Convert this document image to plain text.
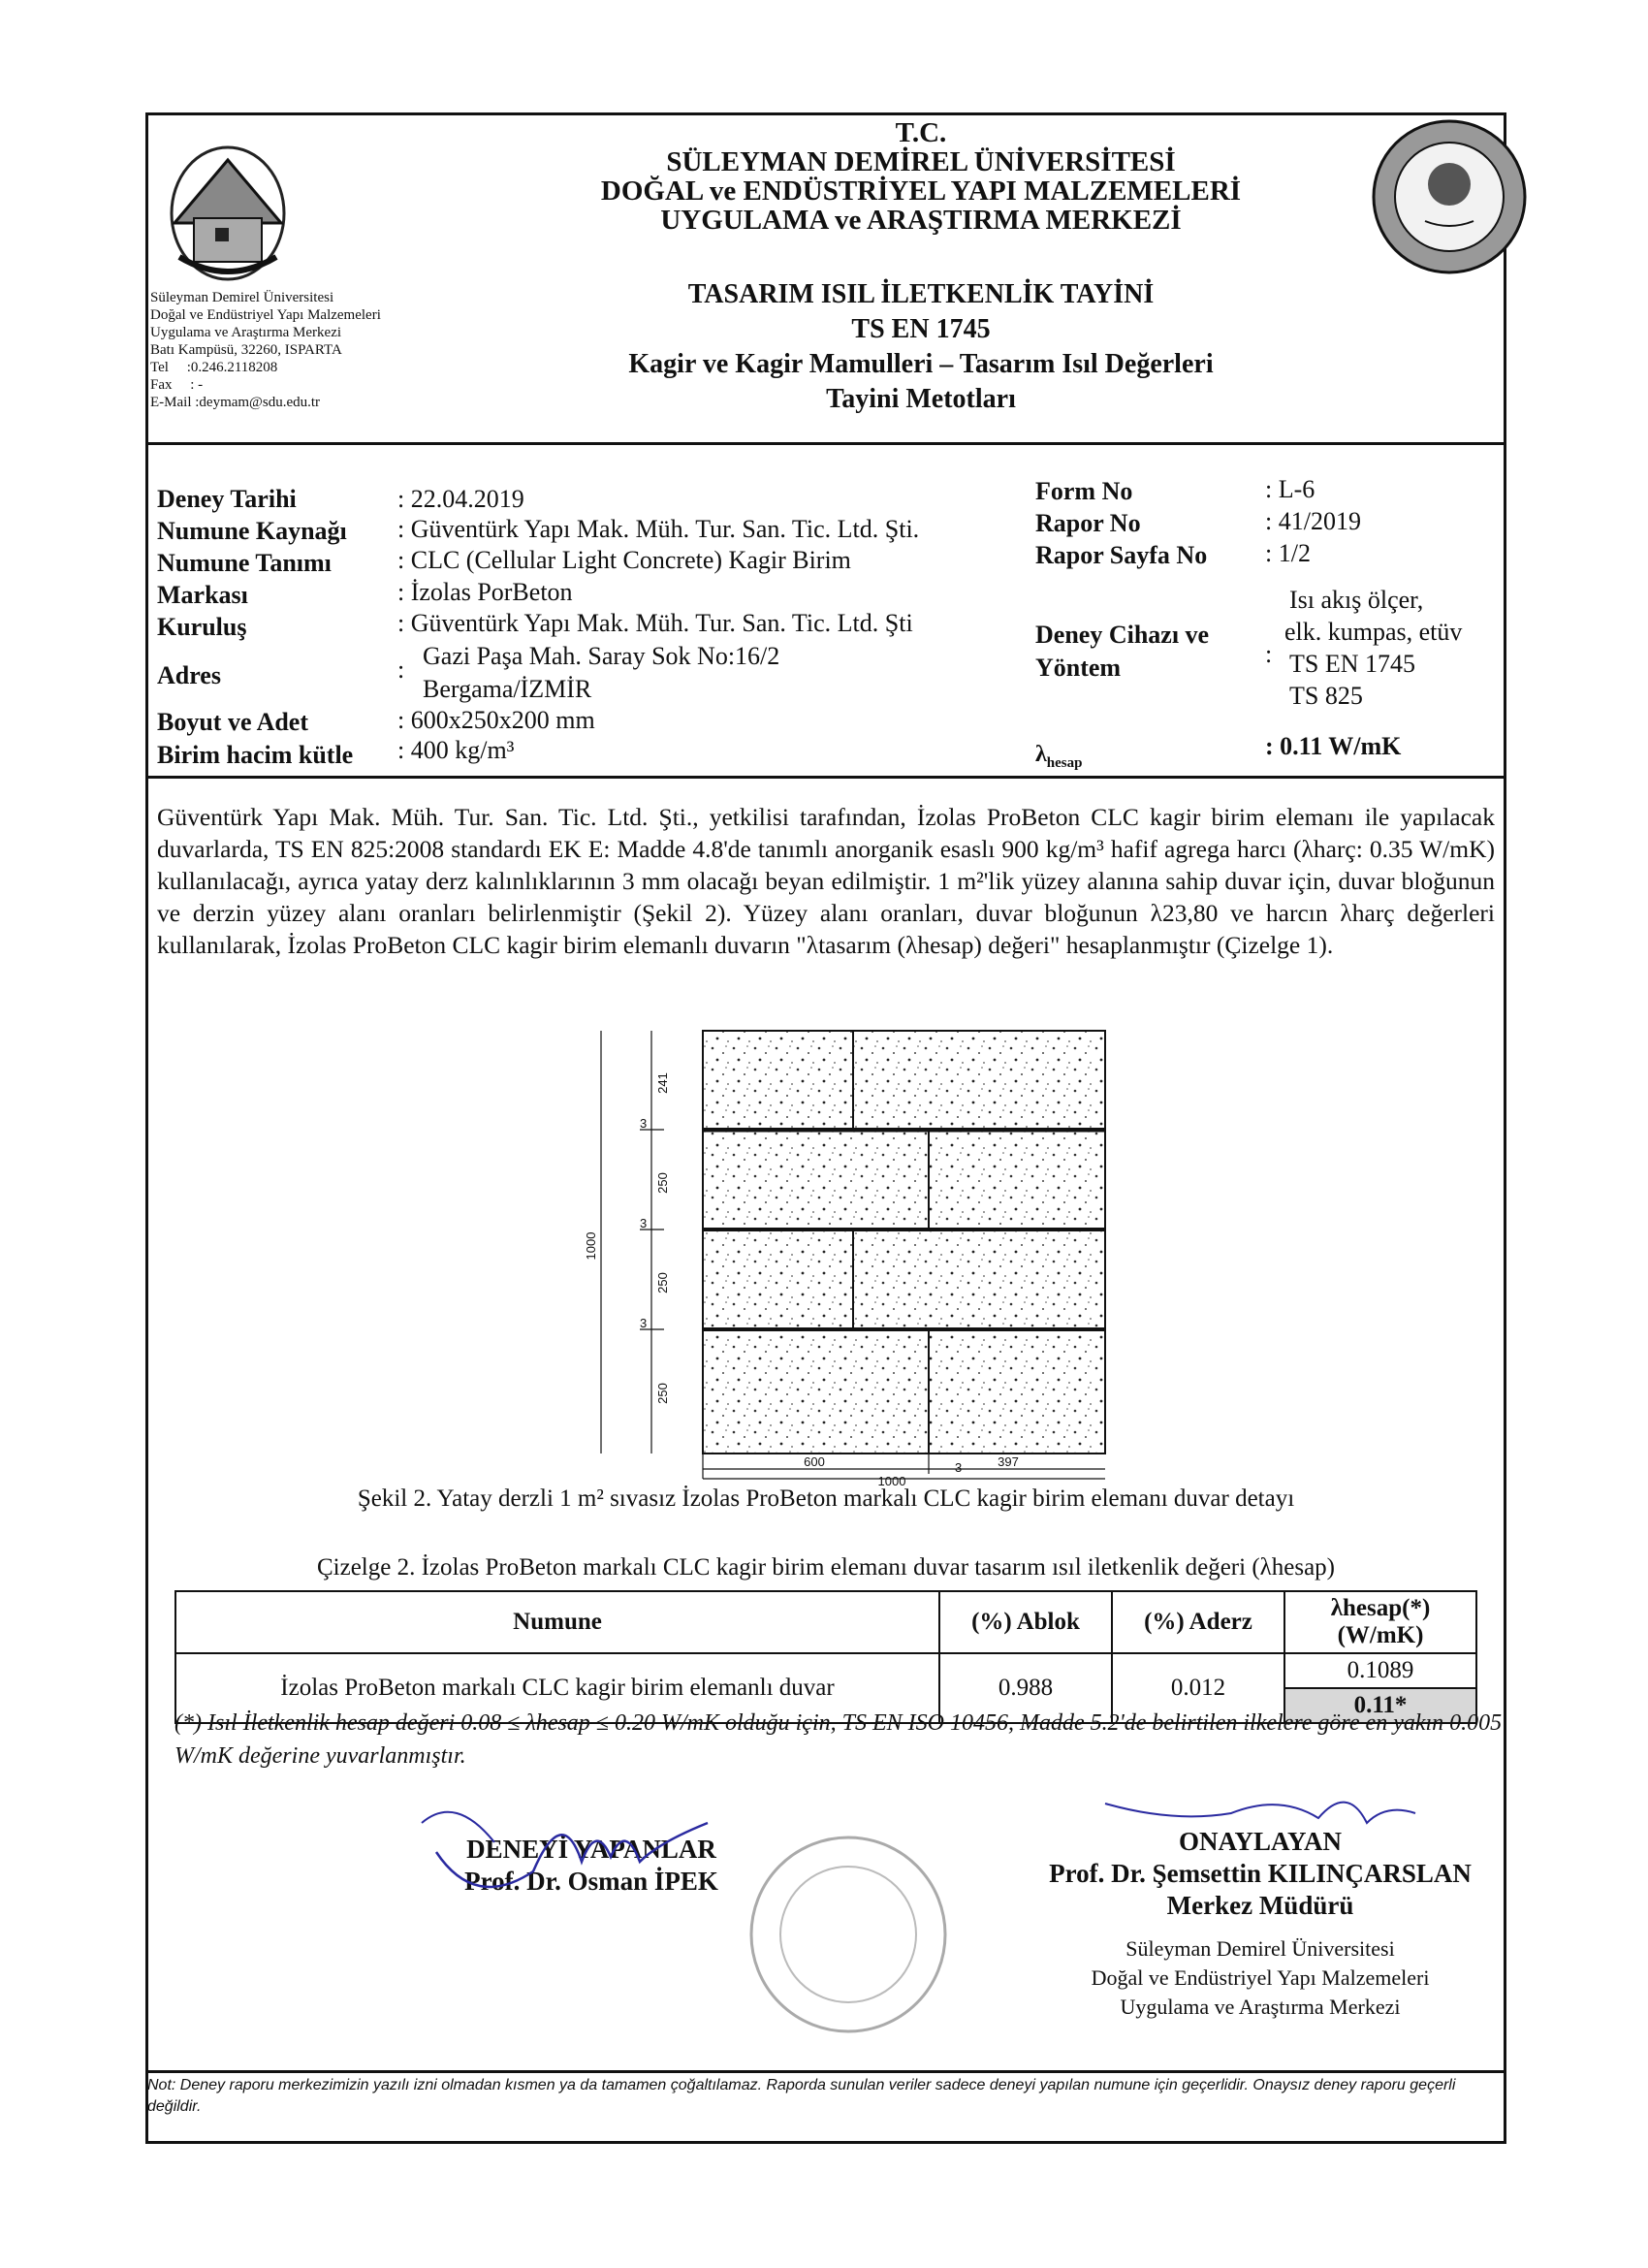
T.C.
SÜLEYMAN DEMİREL ÜNİVERSİTESİ
DOĞAL ve ENDÜSTRİYEL YAPI MALZEMELERİ
UYGULAMA ve ARAŞTIRMA MERKEZİ
TASARIM ISIL İLETKENLİK TAYİNİ
TS EN 1745
Kagir ve Kagir Mamulleri – Tasarım Isıl Değerleri
Tayini Metotları
Süleyman Demirel Üniversitesi
Doğal ve Endüstriyel Yapı Malzemeleri
Uygulama ve Araştırma Merkezi
Batı Kampüsü, 32260, ISPARTA
Tel     :0.246.2118208
Fax     : -
E-Mail :deymam@sdu.edu.tr
Deney Tarihi	: 22.04.2019
Numune Kaynağı : Güventürk Yapı Mak. Müh. Tur. San. Tic. Ltd. Şti.
Numune Tanımı	: CLC (Cellular Light Concrete) Kagir Birim
Markası	: İzolas PorBeton
Kuruluş	: Güventürk Yapı Mak. Müh. Tur. San. Tic. Ltd. Şti
Adres	: Gazi Paşa Mah. Saray Sok No:16/2
Bergama/İZMİR
Boyut ve Adet	: 600x250x200 mm
Birim hacim kütle : 400 kg/m³
Form No	: L-6
Rapor No	: 41/2019
Rapor Sayfa No : 1/2
Deney Cihazı ve
Yöntem	:
Isı akış ölçer,
elk. kumpas, etüv
TS EN 1745
TS 825
$\lambda_{hesap}$
: 0.11 W/mK
Güventürk Yapı Mak. Müh. Tur. San. Tic. Ltd. Şti., yetkilisi tarafından, İzolas ProBeton CLC kagir birim elemanı ile yapılacak duvarlarda, TS EN 825:2008 standardı EK E: Madde 4.8'de tanımlı anorganik esaslı 900 kg/m³ hafif agrega harcı (λharç: 0.35 W/mK) kullanılacağı, ayrıca yatay derz kalınlıklarının 3 mm olacağı beyan edilmiştir. 1 m²'lik yüzey alanına sahip duvar için, duvar bloğunun ve derzin yüzey alanı oranları belirlenmiştir (Şekil 2). Yüzey alanı oranları, duvar bloğunun λ23,80 ve harcın λharç değerleri kullanılarak, İzolas ProBeton CLC kagir birim elemanlı duvarın "λtasarım (λhesap) değeri" hesaplanmıştır (Çizelge 1).
241
3
250
3
250
3
250
1000
600	397
3
1000
Şekil 2. Yatay derzli 1 m² sıvasız İzolas ProBeton markalı CLC kagir birim elemanı duvar detayı
Çizelge 2. İzolas ProBeton markalı CLC kagir birim elemanı duvar tasarım ısıl iletkenlik değeri (λhesap)
Numune	(%) Ablok	(%) Aderz	λhesap(*) (W/mK)
İzolas ProBeton markalı CLC kagir birim elemanlı duvar	0.988	0.012	0.1089
			0.11*
(*) Isıl İletkenlik hesap değeri 0.08 ≤ λhesap ≤ 0.20 W/mK olduğu için, TS EN ISO 10456, Madde 5.2'de belirtilen ilkelere göre en yakın 0.005 W/mK değerine yuvarlanmıştır.
DENEYİ YAPANLAR
Prof. Dr. Osman İPEK
ONAYLAYAN
Prof. Dr. Şemsettin KILINÇARSLAN
Merkez Müdürü
Süleyman Demirel Üniversitesi
Doğal ve Endüstriyel Yapı Malzemeleri
Uygulama ve Araştırma Merkezi
Not: Deney raporu merkezimizin yazılı izni olmadan kısmen ya da tamamen çoğaltılamaz. Raporda sunulan veriler sadece deneyi yapılan numune için geçerlidir. Onaysız deney raporu geçerli değildir.
